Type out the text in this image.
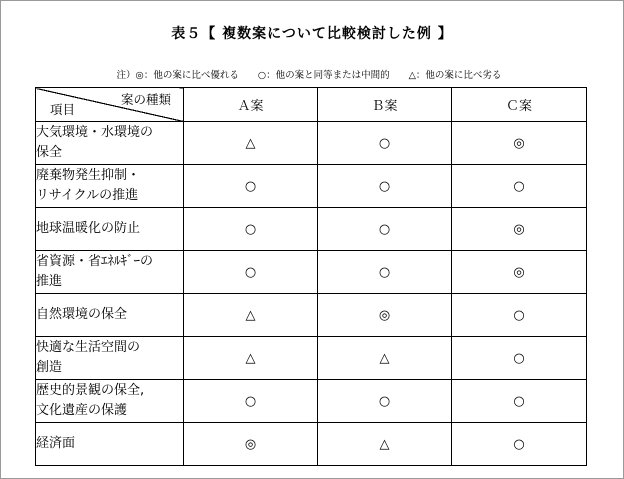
表５【 複数案について比較検討した例 】
注）◎：他の案に比べ優れる　　○：他の案と同等または中間的　　△：他の案に比べ劣る
案の種類
項目	Ａ案	Ｂ案	Ｃ案
大気環境・水環境の
保全	△	○	◎
廃棄物発生抑制・
リサイクルの推進	○	○	○
地球温暖化の防止	○	○	◎
省資源・省ｴﾈﾙｷﾞｰの
推進	○	○	◎
自然環境の保全	△	◎	○
快適な生活空間の
創造	△	△	○
歴史的景観の保全,
文化遺産の保護	○	○	○
経済面	◎	△	○
